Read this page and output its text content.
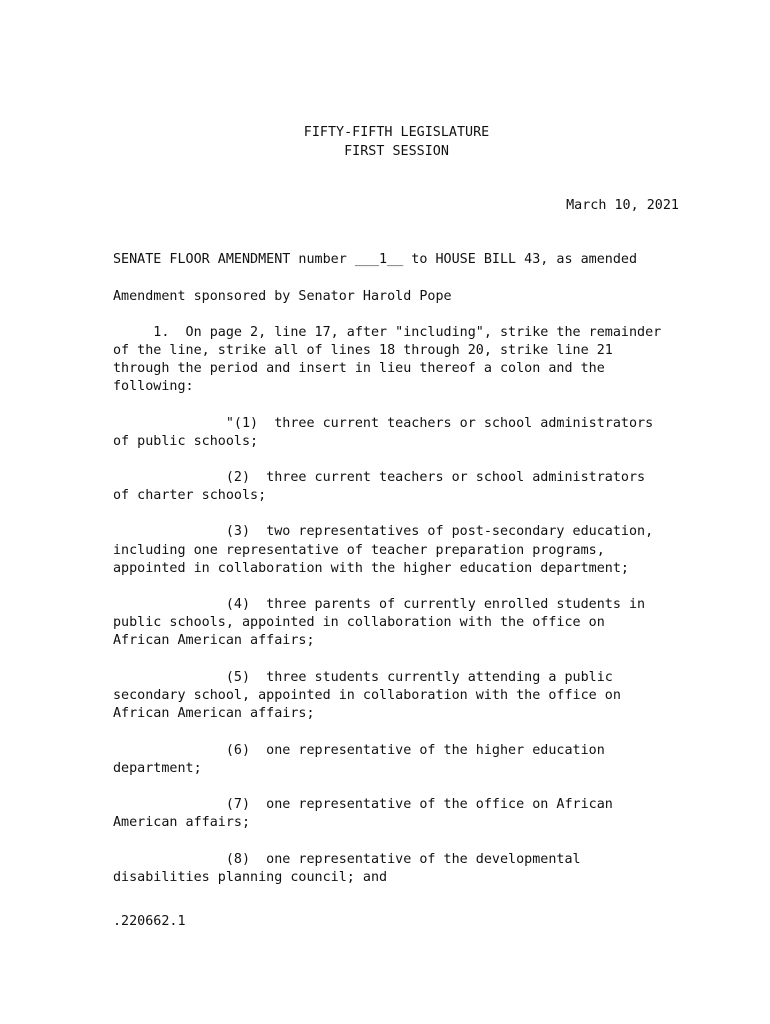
FIFTY-FIFTH LEGISLATURE
FIRST SESSION
March 10, 2021
SENATE FLOOR AMENDMENT number ___1__ to HOUSE BILL 43, as amended
Amendment sponsored by Senator Harold Pope
1.  On page 2, line 17, after "including", strike the remainder
of the line, strike all of lines 18 through 20, strike line 21
through the period and insert in lieu thereof a colon and the
following:
"(1)  three current teachers or school administrators
of public schools;
(2)  three current teachers or school administrators
of charter schools;
(3)  two representatives of post-secondary education,
including one representative of teacher preparation programs,
appointed in collaboration with the higher education department;
(4)  three parents of currently enrolled students in
public schools, appointed in collaboration with the office on
African American affairs;
(5)  three students currently attending a public
secondary school, appointed in collaboration with the office on
African American affairs;
(6)  one representative of the higher education
department;
(7)  one representative of the office on African
American affairs;
(8)  one representative of the developmental
disabilities planning council; and
.220662.1
